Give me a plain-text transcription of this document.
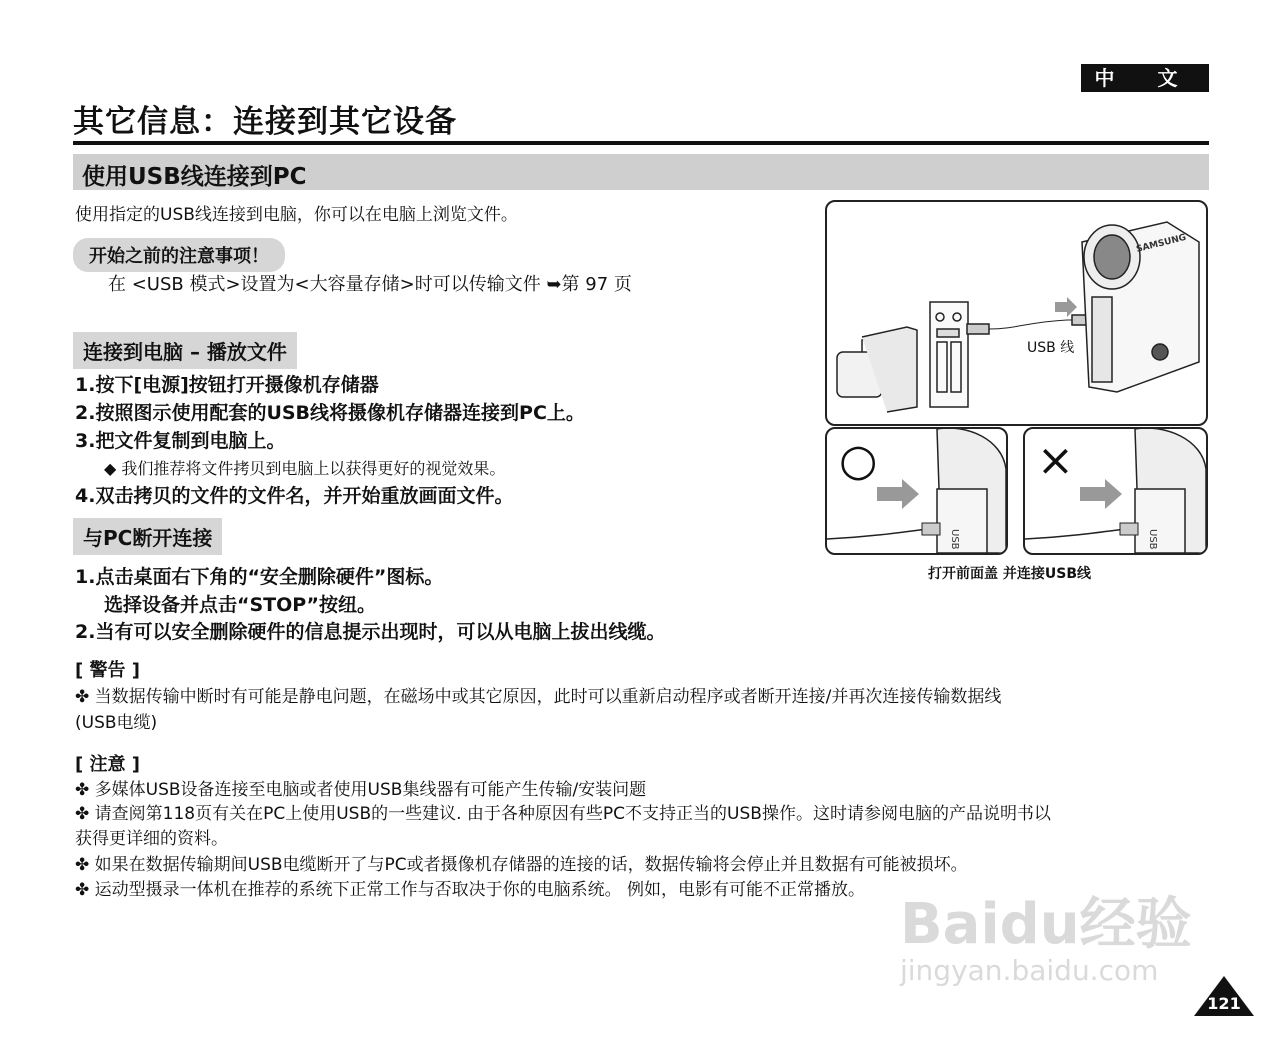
中 文
其它信息：连接到其它设备
使用USB线连接到PC
使用指定的USB线连接到电脑，你可以在电脑上浏览文件。
开始之前的注意事项！
在 <USB 模式>设置为<大容量存储>时可以传输文件 ➥第 97 页
连接到电脑 – 播放文件
1.按下[电源]按钮打开摄像机存储器
2.按照图示使用配套的USB线将摄像机存储器连接到PC上。
3.把文件复制到电脑上。
◆ 我们推荐将文件拷贝到电脑上以获得更好的视觉效果。
4.双击拷贝的文件的文件名，并开始重放画面文件。
与PC断开连接
1.点击桌面右下角的“安全删除硬件”图标。
选择设备并点击“STOP”按纽。
2.当有可以安全删除硬件的信息提示出现时，可以从电脑上拔出线缆。
[ 警告 ]
✤ 当数据传输中断时有可能是静电问题，在磁场中或其它原因，此时可以重新启动程序或者断开连接/并再次连接传输数据线
(USB电缆)
[ 注意 ]
✤ 多媒体USB设备连接至电脑或者使用USB集线器有可能产生传输/安装问题
✤ 请查阅第118页有关在PC上使用USB的一些建议. 由于各种原因有些PC不支持正当的USB操作。这时请参阅电脑的产品说明书以
获得更详细的资料。
✤ 如果在数据传输期间USB电缆断开了与PC或者摄像机存储器的连接的话，数据传输将会停止并且数据有可能被损坏。
✤ 运动型摄录一体机在推荐的系统下正常工作与否取决于你的电脑系统。 例如，电影有可能不正常播放。
SAMSUNG
USB 线
○
USB
×
USB
打开前面盖 并连接USB线
Baidu经验
jingyan.baidu.com
121
